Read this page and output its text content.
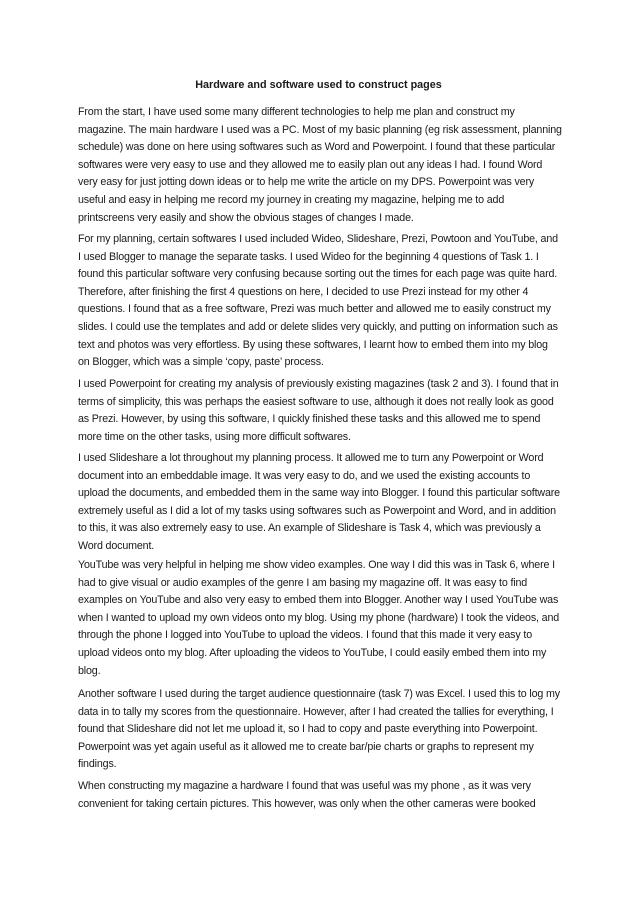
Hardware and software used to construct pages

From the start, I have used some many different technologies to help me plan and construct my magazine. The main hardware I used was a PC. Most of my basic planning (eg risk assessment, planning schedule) was done on here using softwares such as Word and Powerpoint. I found that these particular softwares were very easy to use and they allowed me to easily plan out any ideas I had. I found Word very easy for just jotting down ideas or to help me write the article on my DPS. Powerpoint was very useful and easy in helping me record my journey in creating my magazine, helping me to add printscreens very easily and show the obvious stages of changes I made.

For my planning, certain softwares I used included Wideo, Slideshare, Prezi, Powtoon and YouTube, and I used Blogger to manage the separate tasks. I used Wideo for the beginning 4 questions of Task 1. I found this particular software very confusing because sorting out the times for each page was quite hard. Therefore, after finishing the first 4 questions on here, I decided to use Prezi instead for my other 4 questions. I found that as a free software, Prezi was much better and allowed me to easily construct my slides. I could use the templates and add or delete slides very quickly, and putting on information such as text and photos was very effortless. By using these softwares, I learnt how to embed them into my blog on Blogger, which was a simple ‘copy, paste’ process.

I used Powerpoint for creating my analysis of previously existing magazines (task 2 and 3). I found that in terms of simplicity, this was perhaps the easiest software to use, although it does not really look as good as Prezi. However, by using this software, I quickly finished these tasks and this allowed me to spend more time on the other tasks, using more difficult softwares.

I used Slideshare a lot throughout my planning process. It allowed me to turn any Powerpoint or Word document into an embeddable image. It was very easy to do, and we used the existing accounts to upload the documents, and embedded them in the same way into Blogger. I found this particular software extremely useful as I did a lot of my tasks using softwares such as Powerpoint and Word, and in addition to this, it was also extremely easy to use. An example of Slideshare is Task 4, which was previously a Word document.

YouTube was very helpful in helping me show video examples. One way I did this was in Task 6, where I had to give visual or audio examples of the genre I am basing my magazine off. It was easy to find examples on YouTube and also very easy to embed them into Blogger. Another way I used YouTube was when I wanted to upload my own videos onto my blog. Using my phone (hardware) I took the videos, and through the phone I logged into YouTube to upload the videos. I found that this made it very easy to upload videos onto my blog. After uploading the videos to YouTube, I could easily embed them into my blog.

Another software I used during the target audience questionnaire (task 7) was Excel. I used this to log my data in to tally my scores from the questionnaire. However, after I had created the tallies for everything, I found that Slideshare did not let me upload it, so I had to copy and paste everything into Powerpoint. Powerpoint was yet again useful as it allowed me to create bar/pie charts or graphs to represent my findings.

When constructing my magazine a hardware I found that was useful was my phone , as it was very convenient for taking certain pictures. This however, was only when the other cameras were booked
